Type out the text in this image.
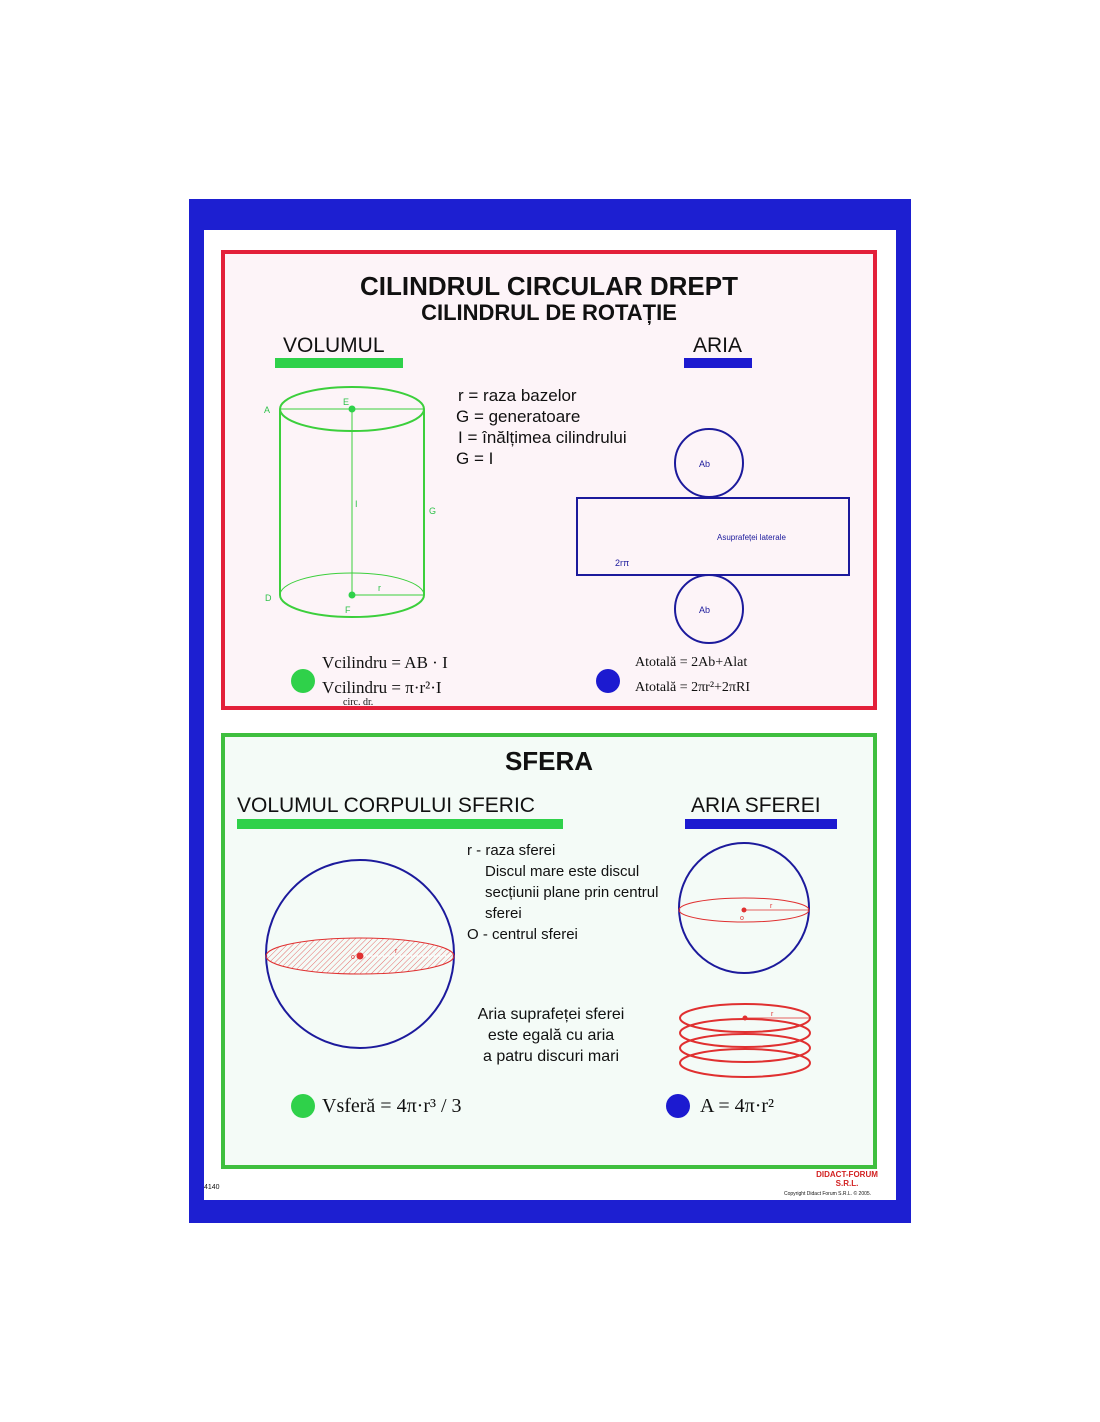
CILINDRUL CIRCULAR DREPT
CILINDRUL DE ROTAȚIE
VOLUMUL	ARIA
A
E
I
G
D
F
r
r = raza bazelor
G = generatoare
I = înălțimea cilindrului
G = I	Ab
Asuprafeței laterale
2rπ
Ab
Vcilindru = AB · I
Vcilindru = π·r²·I
circ. dr.
Atotală = 2Ab+Alat
Atotală = 2πr²+2πRI
SFERA
VOLUMUL CORPULUI SFERIC	ARIA SFEREI
o
r
r - raza sferei
Discul mare este discul
secțiunii plane prin centrul
sferei
O - centrul sferei
o
r
r
Aria suprafeței sferei
este egală cu aria
a patru discuri mari
Vsferă = 4π·r³ / 3	A = 4π·r²
4140
DIDACT-FORUM
S.R.L.
Copyright Didact Forum S.R.L. © 2005.
